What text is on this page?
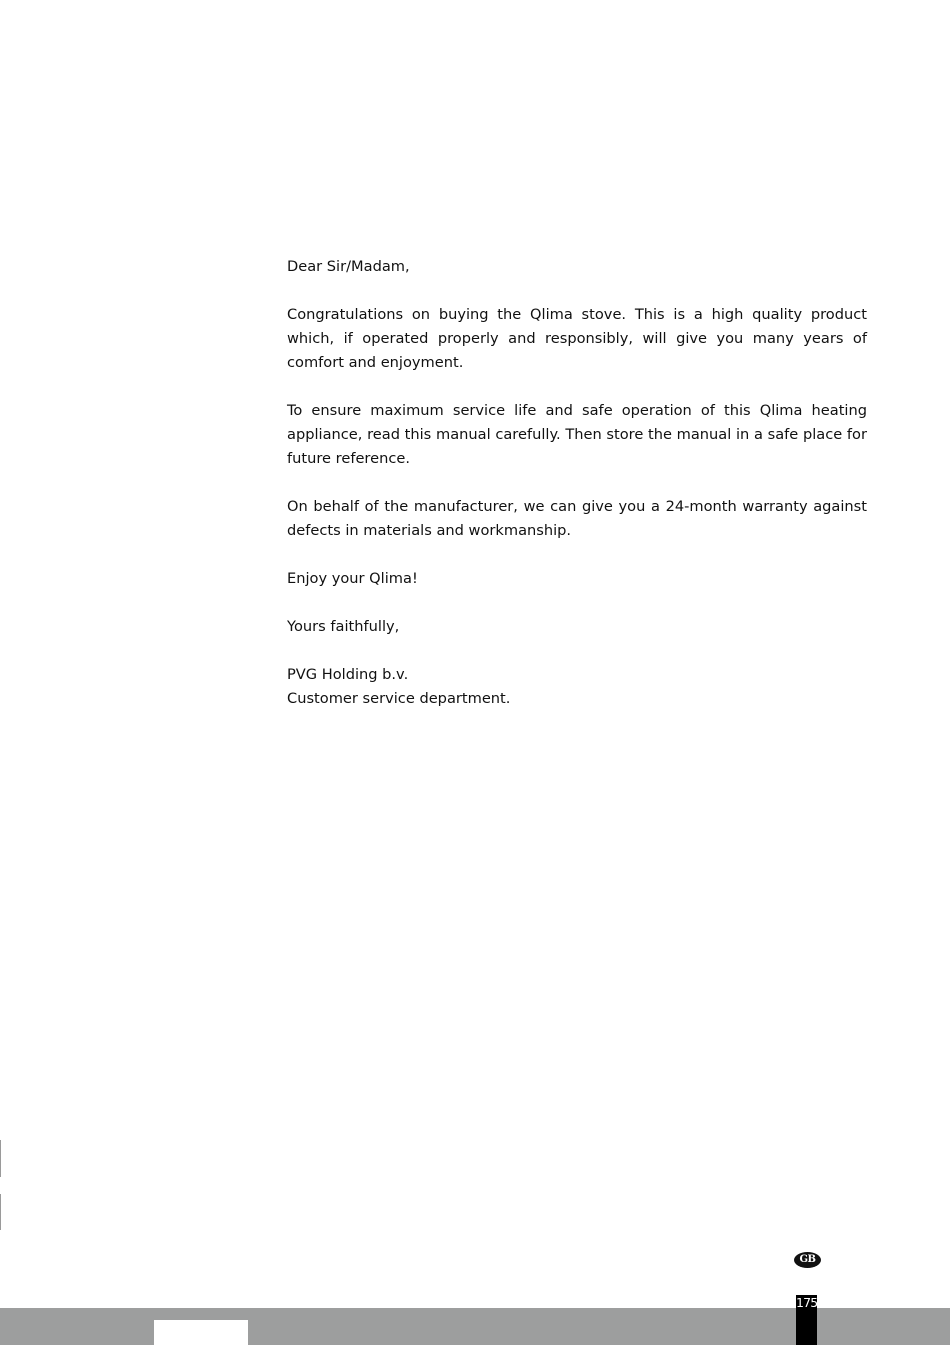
Dear Sir/Madam,

Congratulations on buying the Qlima stove. This is a high quality product which, if operated properly and responsibly, will give you many years of comfort and enjoyment.

To ensure maximum service life and safe operation of this Qlima heating appliance, read this manual carefully. Then store the manual in a safe place for future reference.

On behalf of the manufacturer, we can give you a 24-month warranty against defects in materials and workmanship.

Enjoy your Qlima!

Yours faithfully,

PVG Holding b.v.

Customer service department.

GB
175
